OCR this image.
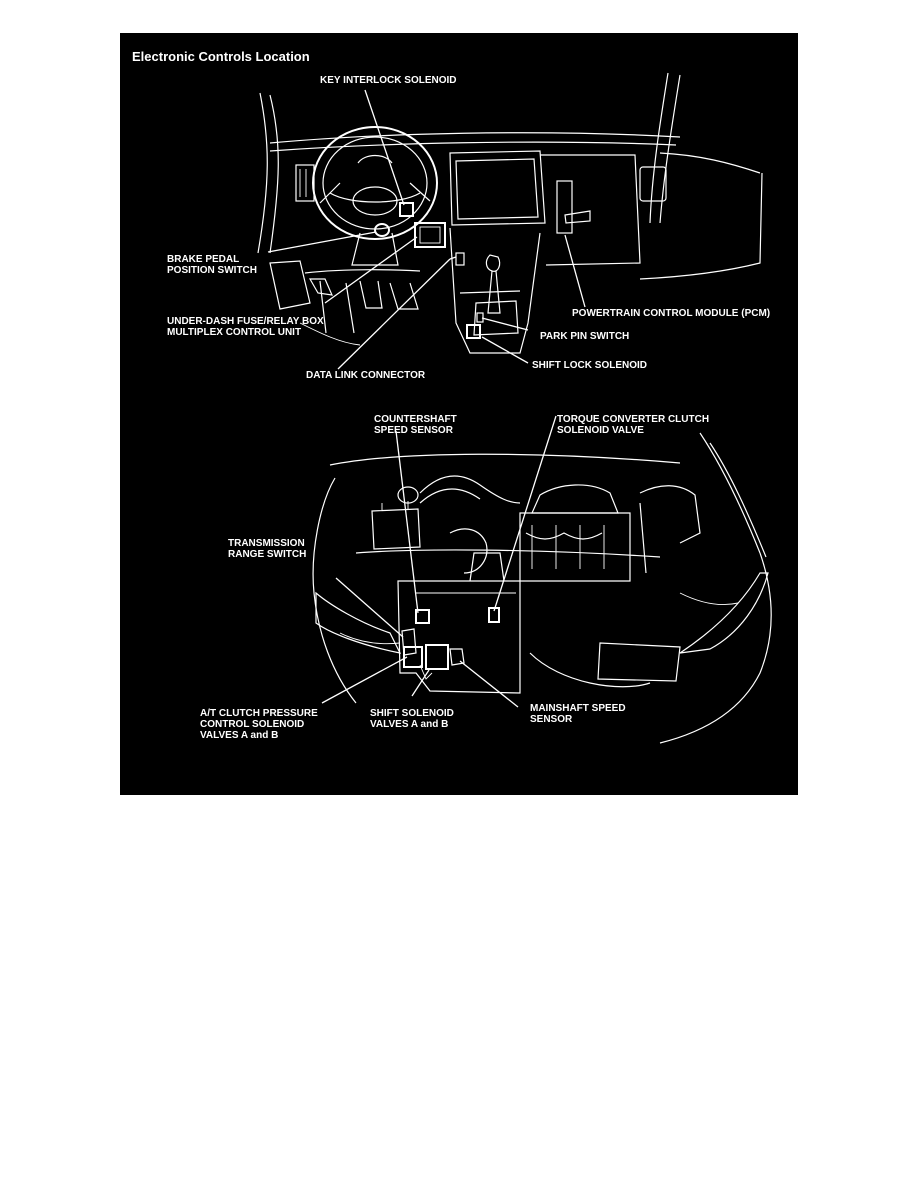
Electronic Controls Location
KEY INTERLOCK SOLENOID
BRAKE PEDAL
POSITION SWITCH
UNDER-DASH FUSE/RELAY BOX
MULTIPLEX CONTROL UNIT
POWERTRAIN CONTROL MODULE (PCM)
PARK PIN SWITCH
SHIFT LOCK SOLENOID
DATA LINK CONNECTOR
COUNTERSHAFT
SPEED SENSOR
TORQUE CONVERTER CLUTCH
SOLENOID VALVE
TRANSMISSION
RANGE SWITCH
A/T CLUTCH PRESSURE
CONTROL SOLENOID
VALVES A and B
SHIFT SOLENOID
VALVES A and B
MAINSHAFT SPEED
SENSOR
